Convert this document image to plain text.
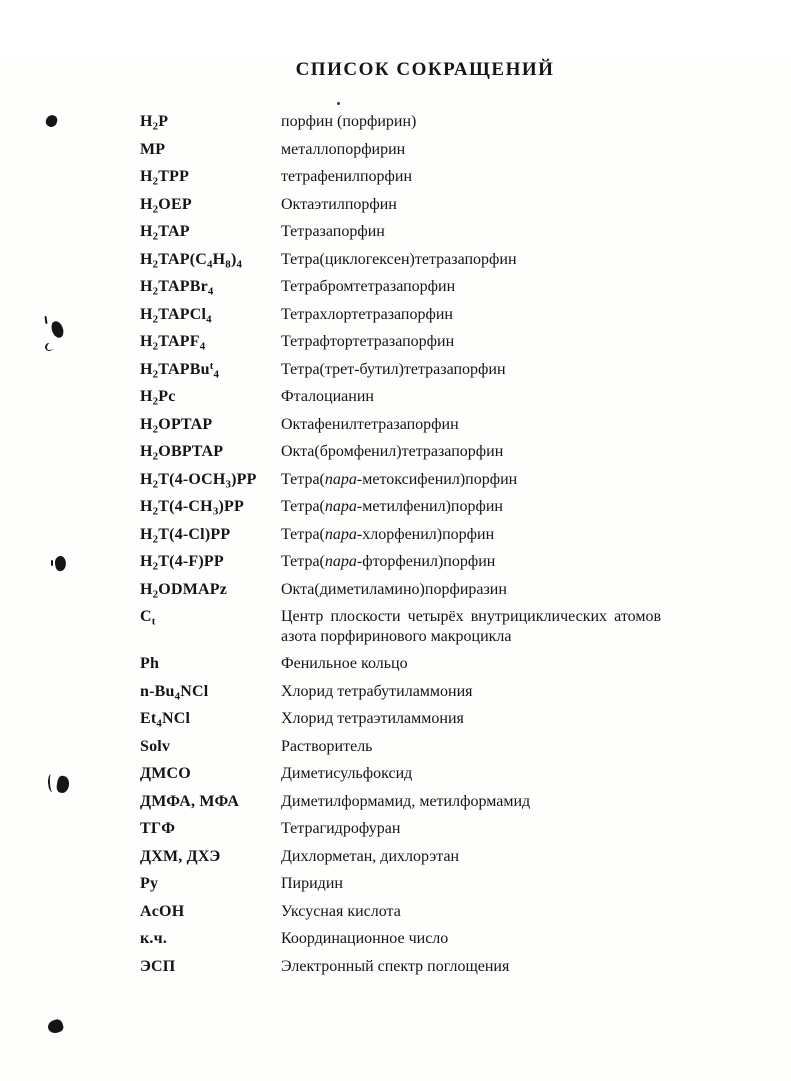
СПИСОК СОКРАЩЕНИЙ
$H_2P$	порфин (порфирин)
MP	металлопорфирин
$H_2TPP$	тетрафенилпорфин
$H_2OEP$	Октаэтилпорфин
$H_2TAP$	Тетразапорфин
$H_2TAP(C_4H_8)_4$	Тетра(циклогексен)тетразапорфин
$H_2TAPBr_4$	Тетрабромтетразапорфин
$H_2TAPCl_4$	Тетрахлортетразапорфин
$H_2TAPF_4$	Тетрафтортетразапорфин
$H_2TAPBu^t_4$	Тетра(трет-бутил)тетразапорфин
$H_2Pc$	Фталоцианин
$H_2OPTAP$	Октафенилтетразапорфин
$H_2OBPTAP$	Окта(бромфенил)тетразапорфин
$H_2T(4-OCH_3)PP$	Тетра(пара-метоксифенил)порфин
$H_2T(4-CH_3)PP$	Тетра(пара-метилфенил)порфин
$H_2T(4-Cl)PP$	Тетра(пара-хлорфенил)порфин
$H_2T(4-F)PP$	Тетра(пара-фторфенил)порфин
$H_2ODMAPz$	Окта(диметиламино)порфиразин
$C_t$	Центр плоскости четырёх внутрициклических атомов азота порфиринового макроцикла
Ph	Фенильное кольцо
$n-Bu_4NCl$	Хлорид тетрабутиламмония
$Et_4NCl$	Хлорид тетраэтиламмония
Solv	Растворитель
ДМСО	Диметисульфоксид
ДМФА, МФА	Диметилформамид, метилформамид
ТГФ	Тетрагидрофуран
ДХМ, ДХЭ	Дихлорметан, дихлорэтан
Py	Пиридин
AcOH	Уксусная кислота
к.ч.	Координационное число
ЭСП	Электронный спектр поглощения
